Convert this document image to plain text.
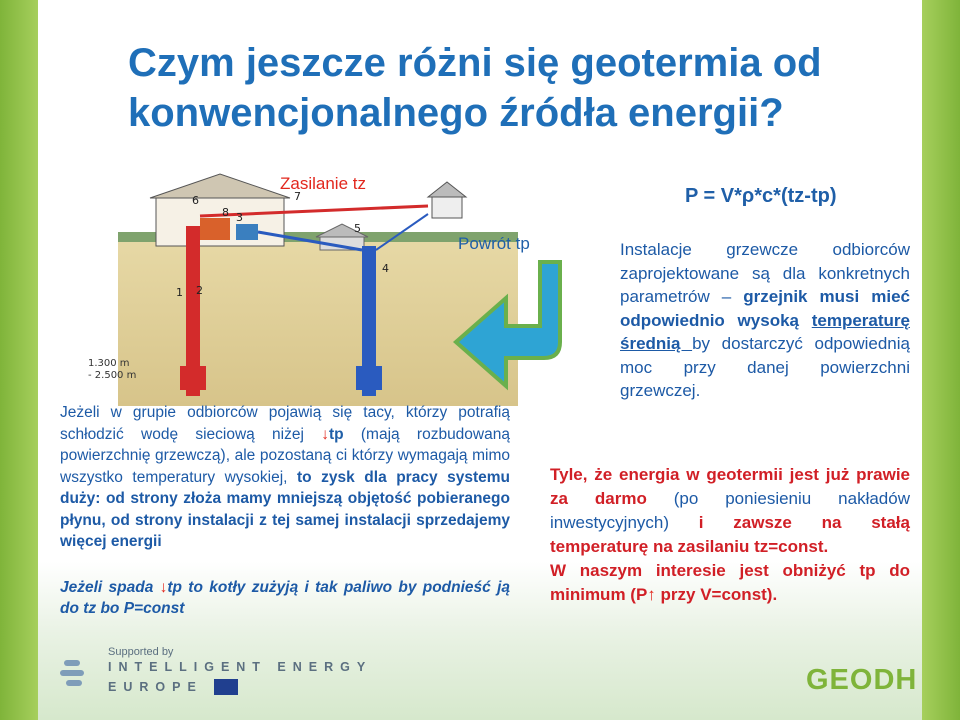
Czym jeszcze różni się geotermia od konwencjonalnego źródła energii?
1.300 m
- 2.500 m
1 2
3
4
5
6	7
8
Zasilanie tz
Powrót tp
P = V*ρ*c*(tz-tp)
Jeżeli w grupie odbiorców pojawią się tacy, którzy potrafią schłodzić wodę sieciową niżej ↓tp (mają rozbudowaną powierzchnię grzewczą), ale pozostaną ci którzy wymagają mimo wszystko temperatury wysokiej, to zysk dla pracy systemu duży: od strony złoża mamy mniejszą objętość pobieranego płynu, od strony instalacji z tej samej instalacji sprzedajemy więcej energii
Jeżeli spada ↓tp to kotły zużyją i tak paliwo by podnieść ją do tz bo P=const
Instalacje grzewcze odbiorców zaprojektowane są dla konkretnych parametrów – grzejnik musi mieć odpowiednio wysoką temperaturę średnią by dostarczyć odpowiednią moc przy danej powierzchni grzewczej.
Tyle, że energia w geotermii jest już prawie za darmo (po poniesieniu nakładów inwestycyjnych) i zawsze na stałą temperaturę na zasilaniu tz=const.
W naszym interesie jest obniżyć tp do minimum (P↑ przy V=const).
Supported by
INTELLIGENT ENERGY
EUROPE	GEODH
